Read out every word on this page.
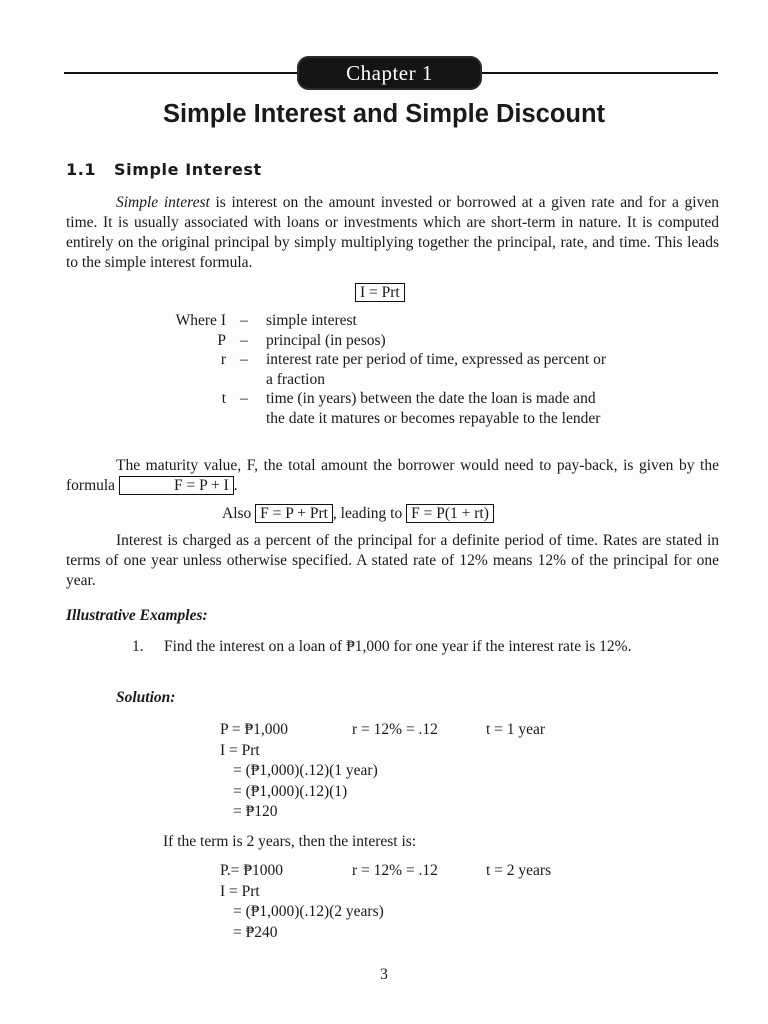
Chapter 1
Simple Interest and Simple Discount
1.1 Simple Interest

Simple interest is interest on the amount invested or borrowed at a given rate and for a given time. It is usually associated with loans or investments which are short-term in nature. It is computed entirely on the original principal by simply multiplying together the principal, rate, and time. This leads to the simple interest formula.

I = Prt
Where I –	simple interest
P –	principal (in pesos)
r –	interest rate per period of time, expressed as percent or a fraction
t –	time (in years) between the date the loan is made and the date it matures or becomes repayable to the lender

The maturity value, F, the total amount the borrower would need to pay-back, is given by the formula	F = P + I .

Also F = P + Prt , leading to F = P(1 + rt)

Interest is charged as a percent of the principal for a definite period of time. Rates are stated in terms of one year unless otherwise specified. A stated rate of 12% means 12% of the principal for one year.

Illustrative Examples:
1.	Find the interest on a loan of ₱1,000 for one year if the interest rate is 12%.
Solution:
P = ₱1,000	r = 12% = .12	t = 1 year
I = Prt
= (₱1,000)(.12)(1 year)
= (₱1,000)(.12)(1)
= ₱120
If the term is 2 years, then the interest is:
P.= ₱1000	r = 12% = .12	t = 2 years
I = Prt
= (₱1,000)(.12)(2 years)
= ₱240
3
